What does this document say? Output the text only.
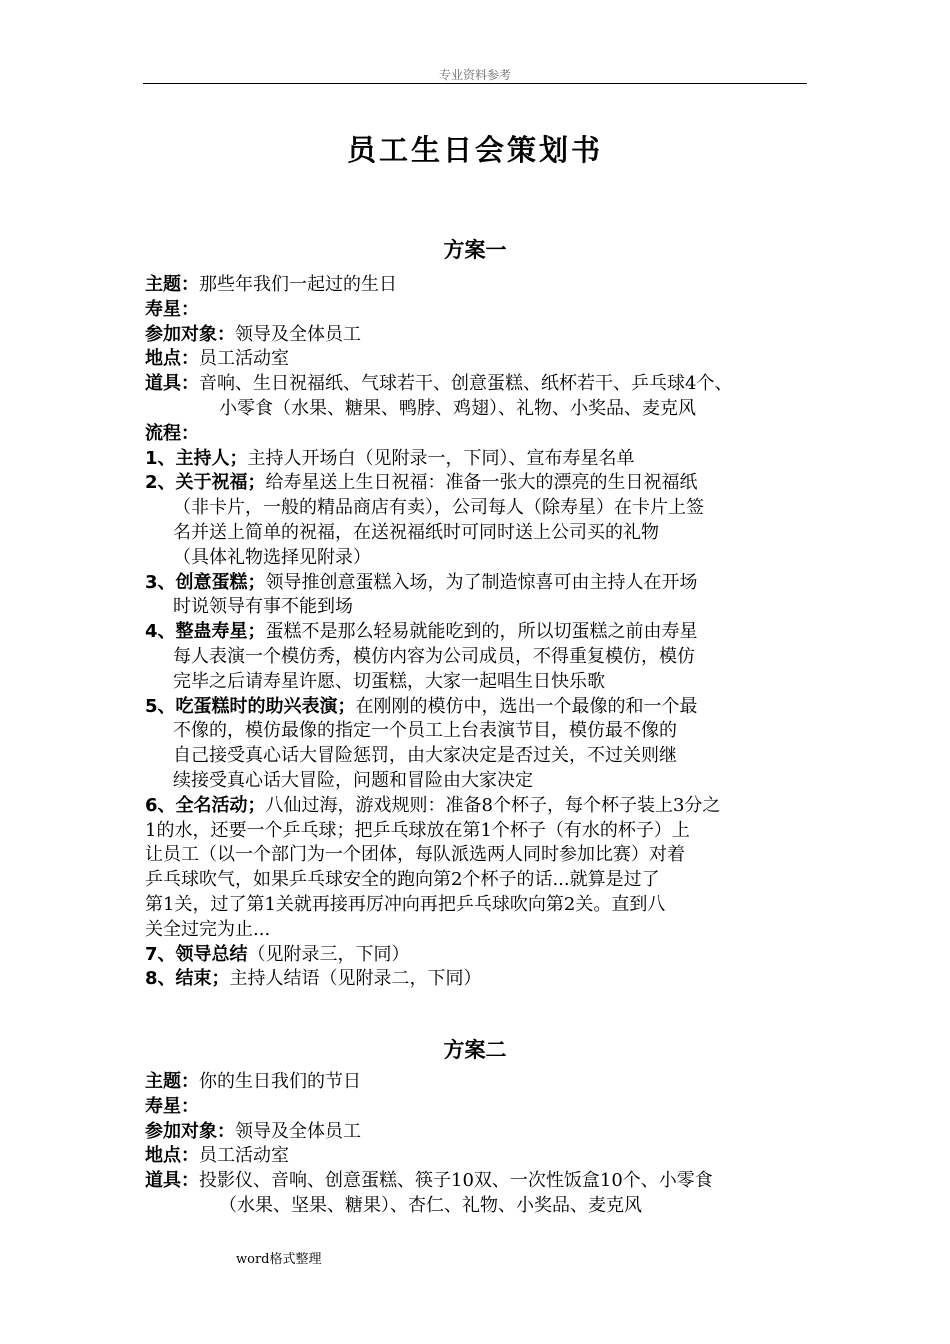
专业资料参考
员工生日会策划书
方案一
主题：那些年我们一起过的生日
寿星：
参加对象：领导及全体员工
地点：员工活动室
道具：音响、生日祝福纸、气球若干、创意蛋糕、纸杯若干、乒乓球4个、
小零食（水果、糖果、鸭脖、鸡翅）、礼物、小奖品、麦克风
流程：
1、主持人；主持人开场白（见附录一，下同）、宣布寿星名单
2、关于祝福；给寿星送上生日祝福：准备一张大的漂亮的生日祝福纸
（非卡片，一般的精品商店有卖），公司每人（除寿星）在卡片上签
名并送上简单的祝福，在送祝福纸时可同时送上公司买的礼物
（具体礼物选择见附录）
3、创意蛋糕；领导推创意蛋糕入场，为了制造惊喜可由主持人在开场
时说领导有事不能到场
4、整蛊寿星；蛋糕不是那么轻易就能吃到的，所以切蛋糕之前由寿星
每人表演一个模仿秀，模仿内容为公司成员，不得重复模仿，模仿
完毕之后请寿星许愿、切蛋糕，大家一起唱生日快乐歌
5、吃蛋糕时的助兴表演；在刚刚的模仿中，选出一个最像的和一个最
不像的，模仿最像的指定一个员工上台表演节目，模仿最不像的
自己接受真心话大冒险惩罚，由大家决定是否过关，不过关则继
续接受真心话大冒险，问题和冒险由大家决定
6、全名活动；八仙过海，游戏规则：准备8个杯子，每个杯子装上3分之
1的水，还要一个乒乓球；把乒乓球放在第1个杯子（有水的杯子）上
让员工（以一个部门为一个团体，每队派选两人同时参加比赛）对着
乒乓球吹气，如果乒乓球安全的跑向第2个杯子的话...就算是过了
第1关，过了第1关就再接再厉冲向再把乒乓球吹向第2关。直到八
关全过完为止...
7、领导总结（见附录三，下同）
8、结束；主持人结语（见附录二，下同）
方案二
主题：你的生日我们的节日
寿星：
参加对象：领导及全体员工
地点：员工活动室
道具：投影仪、音响、创意蛋糕、筷子10双、一次性饭盒10个、小零食
（水果、坚果、糖果）、杏仁、礼物、小奖品、麦克风
word格式整理
